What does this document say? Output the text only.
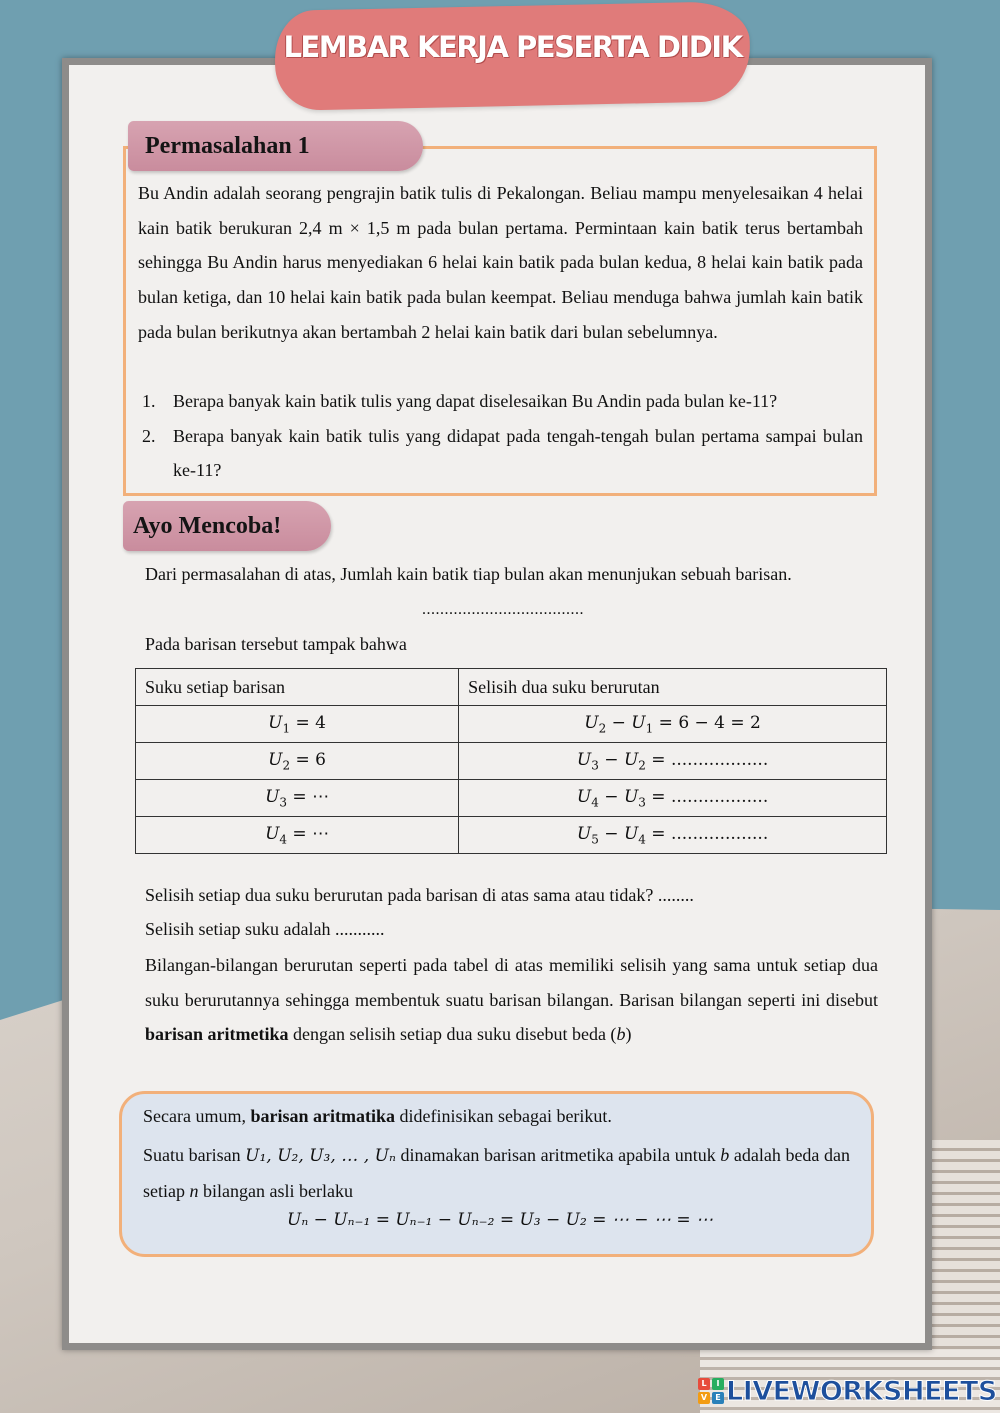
LEMBAR KERJA PESERTA DIDIK
Permasalahan 1
Bu Andin adalah seorang pengrajin batik tulis di Pekalongan. Beliau mampu menyelesaikan 4 helai kain batik berukuran 2,4 m × 1,5 m pada bulan pertama. Permintaan kain batik terus bertambah sehingga Bu Andin harus menyediakan 6 helai kain batik pada bulan kedua, 8 helai kain batik pada bulan ketiga, dan 10 helai kain batik pada bulan keempat. Beliau menduga bahwa jumlah kain batik pada bulan berikutnya akan bertambah 2 helai kain batik dari bulan sebelumnya.
1. Berapa banyak kain batik tulis yang dapat diselesaikan Bu Andin pada bulan ke-11?
2. Berapa banyak kain batik tulis yang didapat pada tengah-tengah bulan pertama sampai bulan ke-11?
Ayo Mencoba!
Dari permasalahan di atas, Jumlah kain batik tiap bulan akan menunjukan sebuah barisan.
....................................
Pada barisan tersebut tampak bahwa
Suku setiap barisan	Selisih dua suku berurutan
$U_1 = 4$	$U_2 - U_1 = 6 - 4 = 2$
$U_2 = 6$	$U_3 - U_2$ = ..................
$U_3$ = ⋯	$U_4 - U_3$ = ..................
$U_4$ = ⋯	$U_5 - U_4$ = ..................
Selisih setiap dua suku berurutan pada barisan di atas sama atau tidak? ........
Selisih setiap suku adalah ...........
Bilangan-bilangan berurutan seperti pada tabel di atas memiliki selisih yang sama untuk setiap dua suku berurutannya sehingga membentuk suatu barisan bilangan. Barisan bilangan seperti ini disebut barisan aritmetika dengan selisih setiap dua suku disebut beda (b)
Secara umum, barisan aritmatika didefinisikan sebagai berikut.
Suatu barisan U₁, U₂, U₃, … , Uₙ dinamakan barisan aritmetika apabila untuk b adalah beda dan setiap n bilangan asli berlaku
Uₙ − Uₙ₋₁ = Uₙ₋₁ − Uₙ₋₂ = U₃ − U₂ = ⋯ − ⋯ = ⋯
L	I
V	E LIVEWORKSHEETS
